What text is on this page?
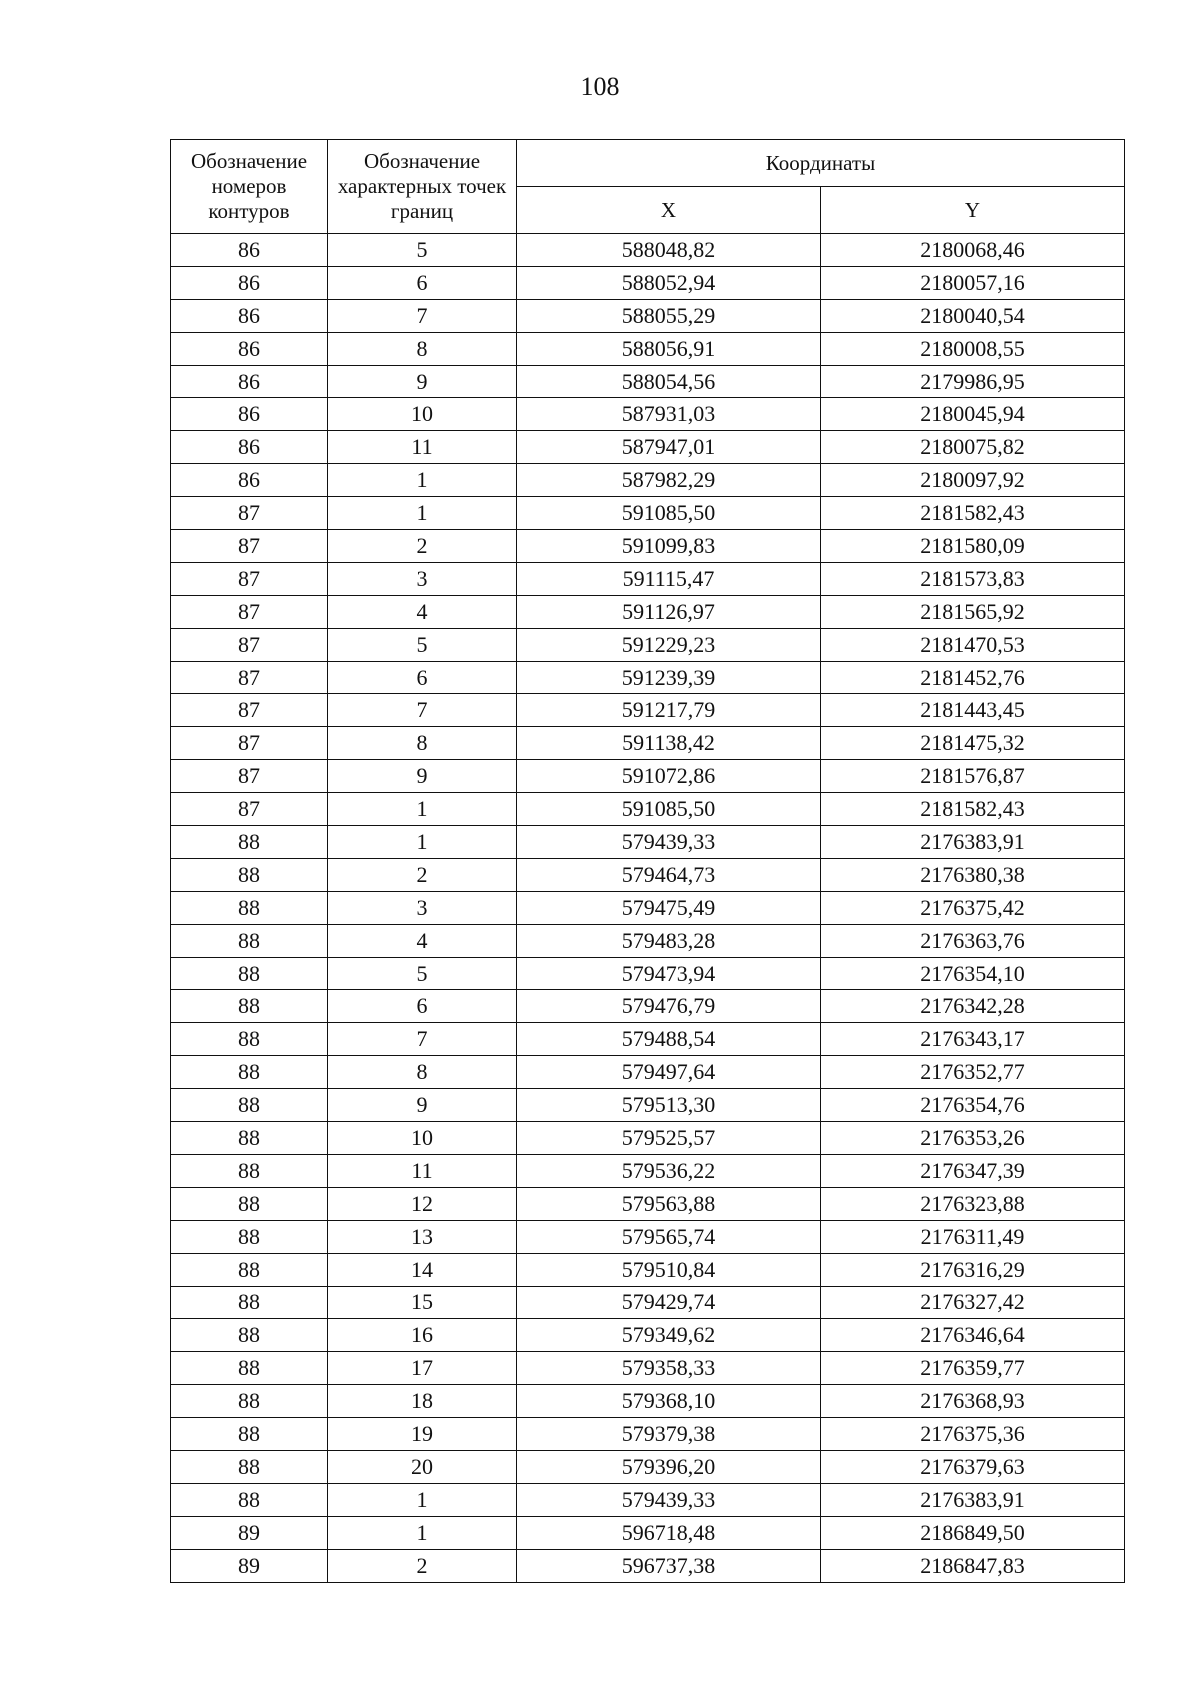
108
Обозначение номеров контуров	Обозначение характерных точек границ	Координаты	
		X	Y
86	5	588048,82	2180068,46
86	6	588052,94	2180057,16
86	7	588055,29	2180040,54
86	8	588056,91	2180008,55
86	9	588054,56	2179986,95
86	10	587931,03	2180045,94
86	11	587947,01	2180075,82
86	1	587982,29	2180097,92
87	1	591085,50	2181582,43
87	2	591099,83	2181580,09
87	3	591115,47	2181573,83
87	4	591126,97	2181565,92
87	5	591229,23	2181470,53
87	6	591239,39	2181452,76
87	7	591217,79	2181443,45
87	8	591138,42	2181475,32
87	9	591072,86	2181576,87
87	1	591085,50	2181582,43
88	1	579439,33	2176383,91
88	2	579464,73	2176380,38
88	3	579475,49	2176375,42
88	4	579483,28	2176363,76
88	5	579473,94	2176354,10
88	6	579476,79	2176342,28
88	7	579488,54	2176343,17
88	8	579497,64	2176352,77
88	9	579513,30	2176354,76
88	10	579525,57	2176353,26
88	11	579536,22	2176347,39
88	12	579563,88	2176323,88
88	13	579565,74	2176311,49
88	14	579510,84	2176316,29
88	15	579429,74	2176327,42
88	16	579349,62	2176346,64
88	17	579358,33	2176359,77
88	18	579368,10	2176368,93
88	19	579379,38	2176375,36
88	20	579396,20	2176379,63
88	1	579439,33	2176383,91
89	1	596718,48	2186849,50
89	2	596737,38	2186847,83
